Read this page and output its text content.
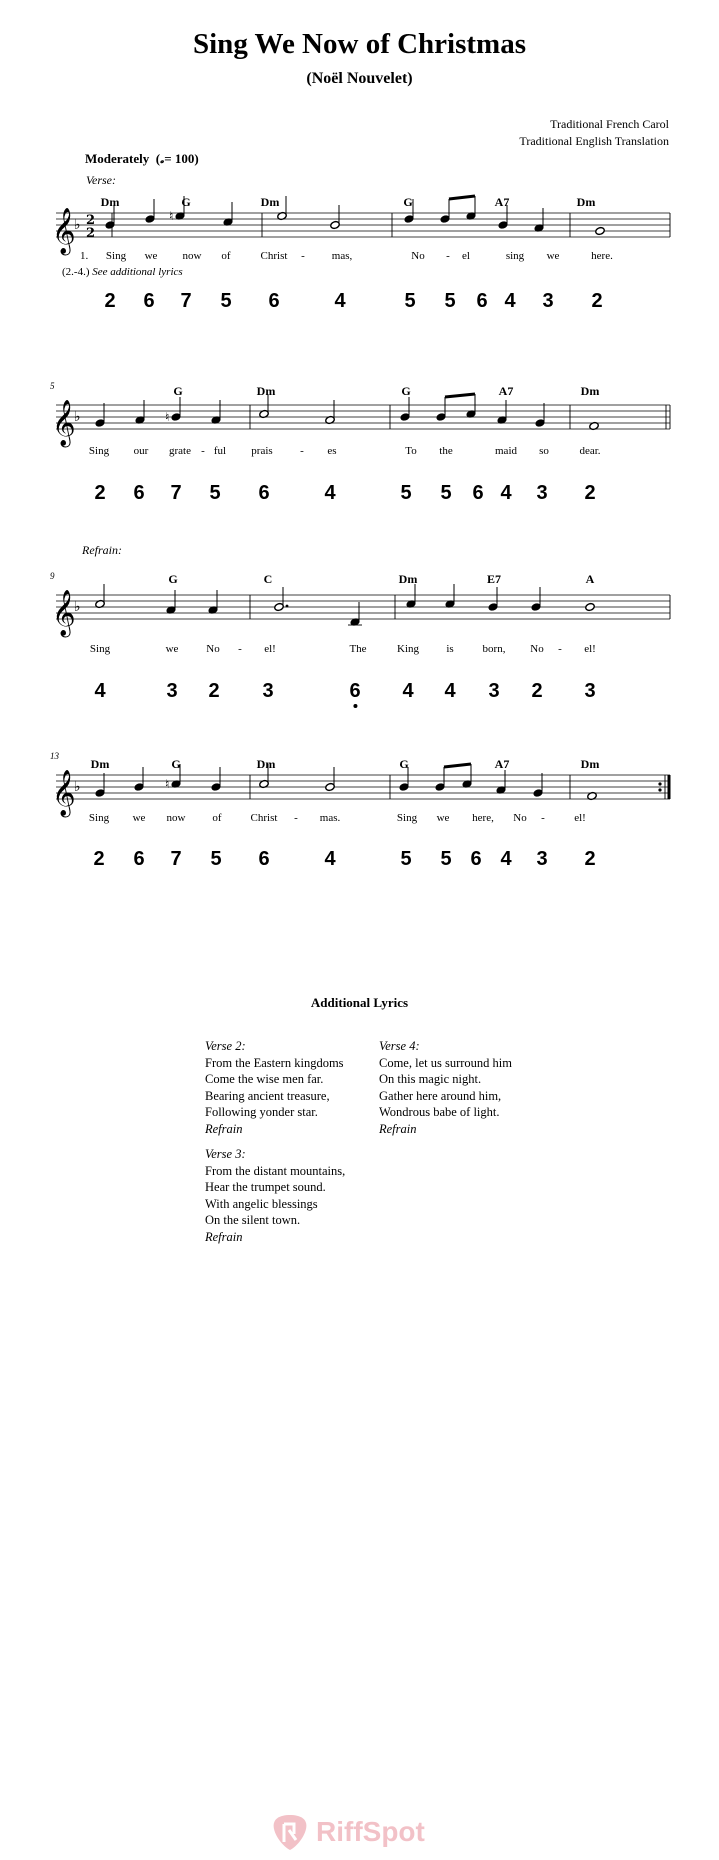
Sing We Now of Christmas
(Noël Nouvelet)
Traditional French Carol
Traditional English Translation
Moderately  (𝅗= 100)
𝄞
♭ 2
2
♮
Dm	G	Dm	G	A7	Dm
Sing we now of	Christ - mas,	No - el	sing we	here.
2 6 7 5 6	4	5 5 6 4 3 2
𝄞
♭	♮
G	Dm	G	A7	Dm
Sing our grate - ful prais - es	To the	maid so	dear.
2 6 7 5 6	4	5 5 6 4 3 2
5
𝄞
♭
G	C	Dm	E7	A
Sing	we	No - el!	The	King is	born, No - el!
4	3 2 3	6 4 4 3 2 3
9
𝄞
♭	♮
Dm	G	Dm	G	A7	Dm
Sing we now of	Christ - mas.	Sing we here, No -	el!
2 6 7 5 6	4	5 5 6 4 3 2
13
Verse:
Refrain:
1.
(2.-4.) See additional lyrics
Additional Lyrics
Verse 2:
From the Eastern kingdoms
Come the wise men far.
Bearing ancient treasure,
Following yonder star.
Refrain
Verse 3:
From the distant mountains,
Hear the trumpet sound.
With angelic blessings
On the silent town.
Refrain
Verse 4:
Come, let us surround him
On this magic night.
Gather here around him,
Wondrous babe of light.
Refrain
RiffSpot
